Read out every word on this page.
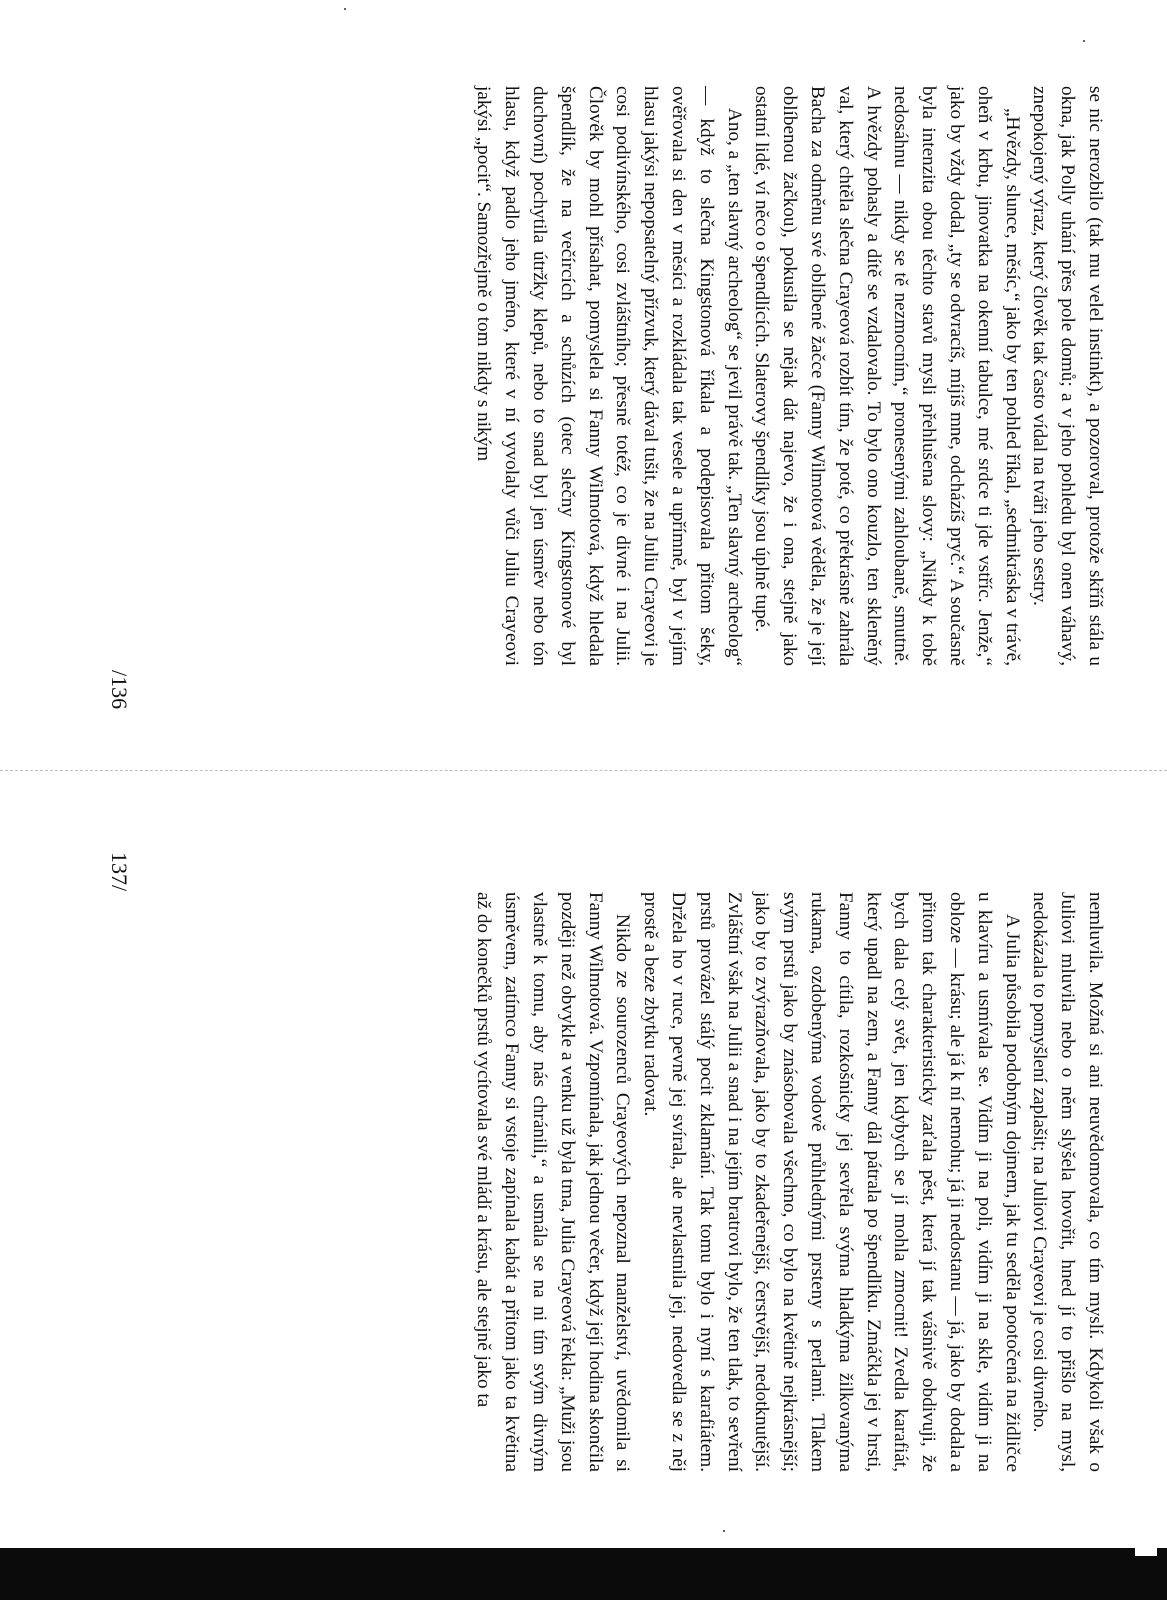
se nic nerozbilo (tak mu velel instinkt), a pozoroval, protože skříň stála u okna, jak Polly uhání přes pole domů; a v jeho pohledu byl onen váhavý, znepokojený výraz, který člověk tak často vídal na tváři jeho sestry.

„Hvězdy, slunce, měsíc,“ jako by ten pohled říkal, „sedmikráska v trávě, oheň v krbu, jinovatka na okenní tabulce, mé srdce ti jde vstříc. Jenže,“ jako by vždy dodal, „ty se odvracíš, míjíš mne, odcházíš pryč.“ A současně byla intenzita obou těchto stavů mysli přehlušena slovy: „Nikdy k tobě nedosáhnu — nikdy se tě nezmocním,“ pronesenými zahloubaně, smutně. A hvězdy pohasly a dítě se vzdalovalo. To bylo ono kouzlo, ten skleněný val, který chtěla slečna Crayeová rozbít tím, že poté, co překrásně zahrála Bacha za odměnu své oblíbené žačce (Fanny Wilmotová věděla, že je její oblíbenou žačkou), pokusila se nějak dát najevo, že i ona, stejně jako ostatní lidé, ví něco o špendlících. Slaterovy špendlíky jsou úplně tupé.

Ano, a „ten slavný archeolog“ se jevil právě tak. „Ten slavný archeolog“ — když to slečna Kingstonová říkala a podepisovala přitom šeky, ověřovala si den v měsíci a rozkládala tak vesele a upřímně, byl v jejím hlasu jakýsi nepopsatelný přízvuk, který dával tušit, že na Juliu Crayeovi je cosi podivínského, cosi zvláštního; přesně totéž, co je divné i na Julii. Člověk by mohl přísahat, pomyslela si Fanny Wilmotová, když hledala špendlík, že na večírcích a schůzích (otec slečny Kingstonové byl duchovní) pochytila útržky klepů, nebo to snad byl jen úsměv nebo tón hlasu, když padlo jeho jméno, které v ní vyvolaly vůči Juliu Crayeovi jakýsi „pocit“. Samozřejmě o tom nikdy s nikým

/136

nemluvila. Možná si ani neuvědomovala, co tím myslí. Kdykoli však o Juliovi mluvila nebo o něm slyšela hovořit, hned jí to přišlo na mysl, nedokázala to pomyšlení zaplašit; na Juliovi Crayeovi je cosi divného.

A Julia působila podobným dojmem, jak tu seděla pootočená na židličce u klavíru a usmívala se. Vidím ji na poli, vidím ji na skle, vidím ji na obloze — krásu; ale já k ní nemohu; já ji nedostanu — já, jako by dodala a přitom tak charakteristicky zaťala pěst, která jí tak vášnivě obdivuji, že bych dala celý svět, jen kdybych se jí mohla zmocnit! Zvedla karafiát, který upadl na zem, a Fanny dál pátrala po špendlíku. Zmáčkla jej v hrsti, Fanny to cítila, rozkošnicky jej sevřela svýma hladkýma žilkovanýma rukama, ozdobenýma vodově průhlednými prsteny s perlami. Tlakem svým prstů jako by znásobovala všechno, co bylo na květině nejkrásnější; jako by to zvýrazňovala, jako by to zkadeřenější, čerstvější, nedotknutější. Zvláštní však na Julii a snad i na jejím bratrovi bylo, že ten tlak, to sevření prstů provázel stálý pocit zklamání. Tak tomu bylo i nyní s karafiátem. Držela ho v ruce, pevně jej svírala, ale nevlastnila jej, nedovedla se z něj prostě a beze zbytku radovat.

Nikdo ze sourozenců Crayeových nepoznal manželství, uvědomila si Fanny Wilmotová. Vzpomínala, jak jednou večer, když její hodina skončila později než obvykle a venku už byla tma, Julia Crayeová řekla: „Muži jsou vlastně k tomu, aby nás chránili,“ a usmála se na ni tím svým divným úsměvem, zatímco Fanny si vstoje zapínala kabát a přitom jako ta květina až do konečků prstů vycítovala své mládí a krásu, ale stejně jako ta

137/
